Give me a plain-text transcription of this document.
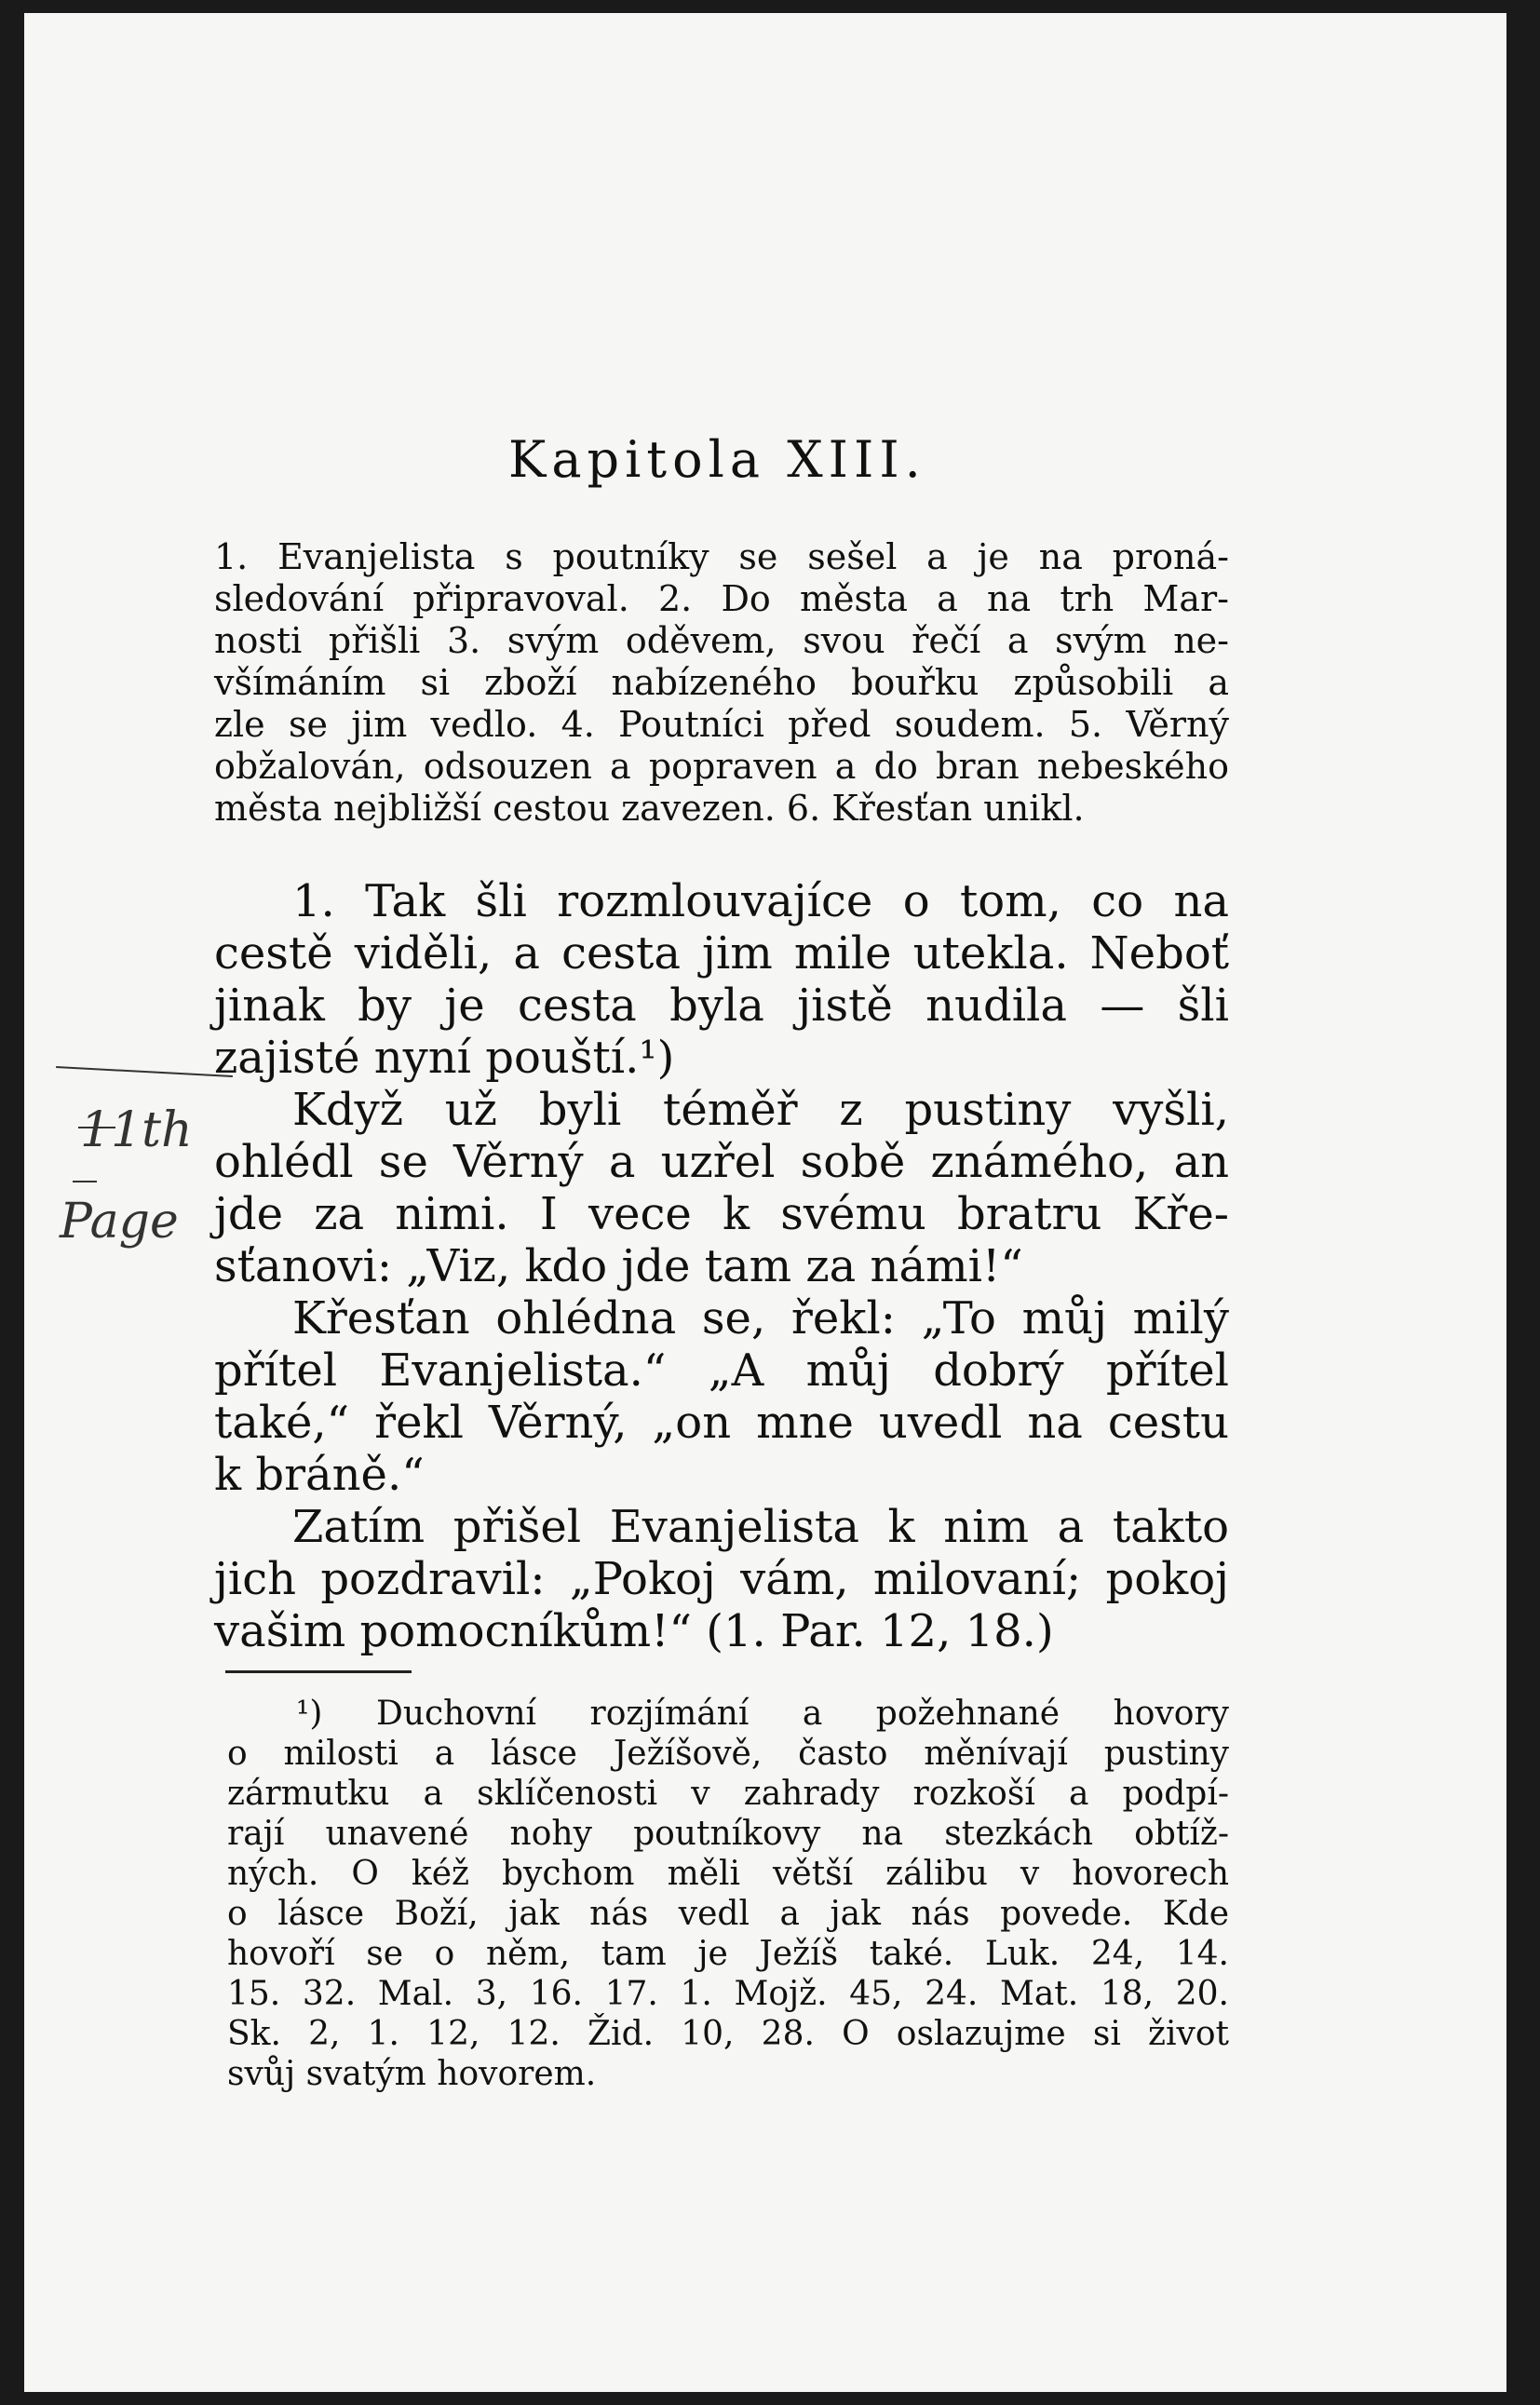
Kapitola XIII.

1. Evanjelista s poutníky se sešel a je na proná-

sledování připravoval. 2. Do města a na trh Mar-

nosti přišli 3. svým oděvem, svou řečí a svým ne-

všímáním si zboží nabízeného bouřku způsobili a

zle se jim vedlo. 4. Poutníci před soudem. 5. Věrný

obžalován, odsouzen a popraven a do bran nebeského

města nejbližší cestou zavezen. 6. Křesťan unikl.

1. Tak šli rozmlouvajíce o tom, co na

cestě viděli, a cesta jim mile utekla. Neboť

jinak by je cesta byla jistě nudila — šli

zajisté nyní pouští.¹)

Když už byli téměř z pustiny vyšli,

ohlédl se Věrný a uzřel sobě známého, an

jde za nimi. I vece k svému bratru Kře-

sťanovi: „Viz, kdo jde tam za námi!“

Křesťan ohlédna se, řekl: „To můj milý

přítel Evanjelista.“ „A můj dobrý přítel

také,“ řekl Věrný, „on mne uvedl na cestu

k bráně.“

Zatím přišel Evanjelista k nim a takto

jich pozdravil: „Pokoj vám, milovaní; pokoj

vašim pomocníkům!“ (1. Par. 12, 18.)

¹) Duchovní rozjímání a požehnané hovory

o milosti a lásce Ježíšově, často měnívají pustiny

zármutku a sklíčenosti v zahrady rozkoší a podpí-

rají unavené nohy poutníkovy na stezkách obtíž-

ných. O kéž bychom měli větší zálibu v hovorech

o lásce Boží, jak nás vedl a jak nás povede. Kde

hovoří se o něm, tam je Ježíš také. Luk. 24, 14.

15. 32. Mal. 3, 16. 17. 1. Mojž. 45, 24. Mat. 18, 20.

Sk. 2, 1. 12, 12. Žid. 10, 28. O oslazujme si život

svůj svatým hovorem.

11th
Page
